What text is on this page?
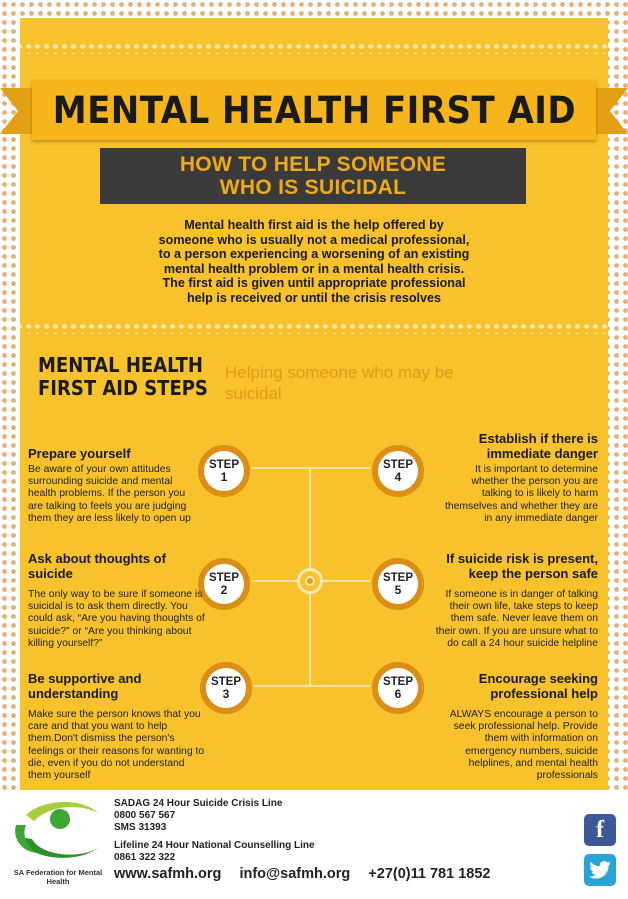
MENTAL HEALTH FIRST AID
HOW TO HELP SOMEONE
WHO IS SUICIDAL
Mental health first aid is the help offered by
someone who is usually not a medical professional,
to a person experiencing a worsening of an existing
mental health problem or in a mental health crisis.
The first aid is given until appropriate professional
help is received or until the crisis resolves
MENTAL HEALTH
FIRST AID STEPS
Helping someone who may be suicidal
STEP
1
STEP
2
STEP
3
STEP
4
STEP
5
STEP
6
Prepare yourself
Be aware of your own attitudes surrounding suicide and mental health problems. If the person you are talking to feels you are judging them they are less likely to open up
Ask about thoughts of suicide
The only way to be sure if someone is suicidal is to ask them directly. You could ask, “Are you having thoughts of suicide?” or “Are you thinking about killing yourself?”
Be supportive and understanding
Make sure the person knows that you care and that you want to help them.Don't dismiss the person's feelings or their reasons for wanting to die, even if you do not understand them yourself
Establish if there is immediate danger
It is important to determine whether the person you are talking to is likely to harm themselves and whether they are in any immediate danger
If suicide risk is present, keep the person safe
If someone is in danger of talking their own life, take steps to keep them safe. Never leave them on their own. If you are unsure what to do call a 24 hour suicide helpline
Encourage seeking professional help
ALWAYS encourage a person to seek professional help. Provide them with information on emergency numbers, suicide helplines, and mental health professionals
SA Federation for Mental Health
SADAG 24 Hour Suicide Crisis Line
0800 567 567
SMS 31393
Lifeline 24 Hour National Counselling Line
0861 322 322
www.safmh.org info@safmh.org +27(0)11 781 1852
f
